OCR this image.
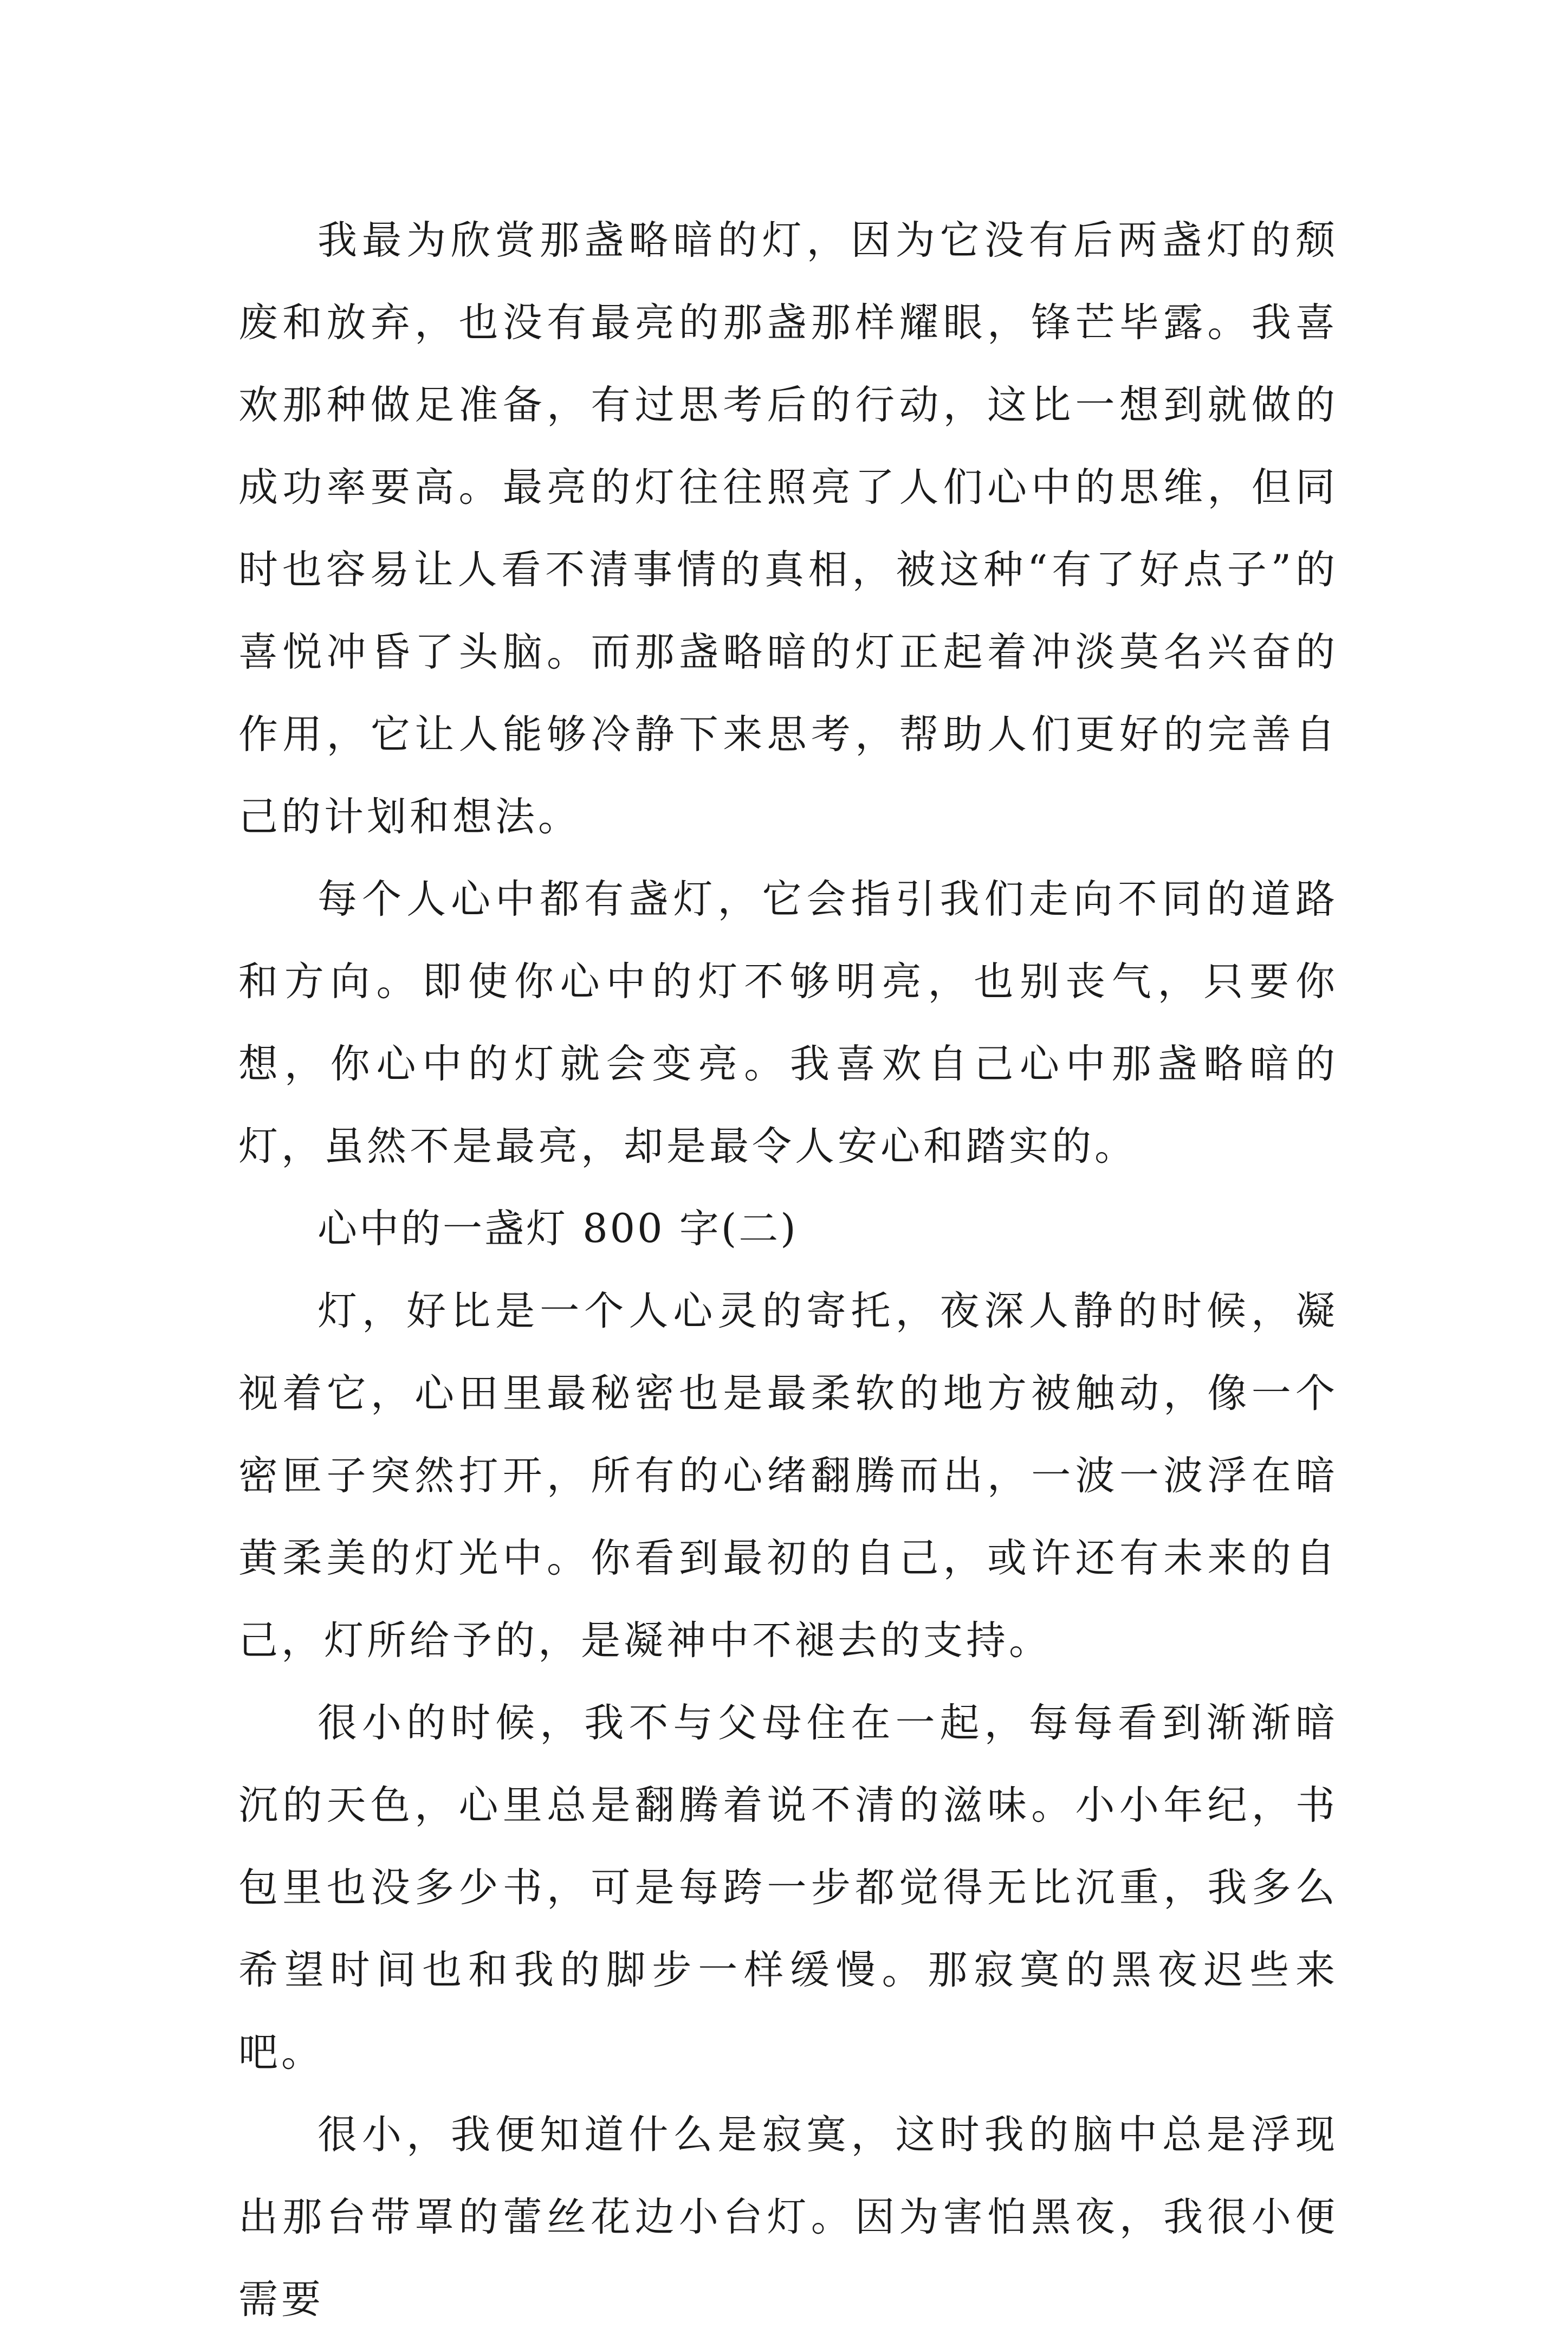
我最为欣赏那盏略暗的灯，因为它没有后两盏灯的颓废和放弃，也没有最亮的那盏那样耀眼，锋芒毕露。我喜欢那种做足准备，有过思考后的行动，这比一想到就做的成功率要高。最亮的灯往往照亮了人们心中的思维，但同时也容易让人看不清事情的真相，被这种“有了好点子”的喜悦冲昏了头脑。而那盏略暗的灯正起着冲淡莫名兴奋的作用，它让人能够冷静下来思考，帮助人们更好的完善自己的计划和想法。

每个人心中都有盏灯，它会指引我们走向不同的道路和方向。即使你心中的灯不够明亮，也别丧气，只要你想，你心中的灯就会变亮。我喜欢自己心中那盏略暗的灯，虽然不是最亮，却是最令人安心和踏实的。

心中的一盏灯 800 字(二)

灯，好比是一个人心灵的寄托，夜深人静的时候，凝视着它，心田里最秘密也是最柔软的地方被触动，像一个密匣子突然打开，所有的心绪翻腾而出，一波一波浮在暗黄柔美的灯光中。你看到最初的自己，或许还有未来的自己，灯所给予的，是凝神中不褪去的支持。

很小的时候，我不与父母住在一起，每每看到渐渐暗沉的天色，心里总是翻腾着说不清的滋味。小小年纪，书包里也没多少书，可是每跨一步都觉得无比沉重，我多么希望时间也和我的脚步一样缓慢。那寂寞的黑夜迟些来吧。

很小，我便知道什么是寂寞，这时我的脑中总是浮现出那台带罩的蕾丝花边小台灯。因为害怕黑夜，我很小便需要
